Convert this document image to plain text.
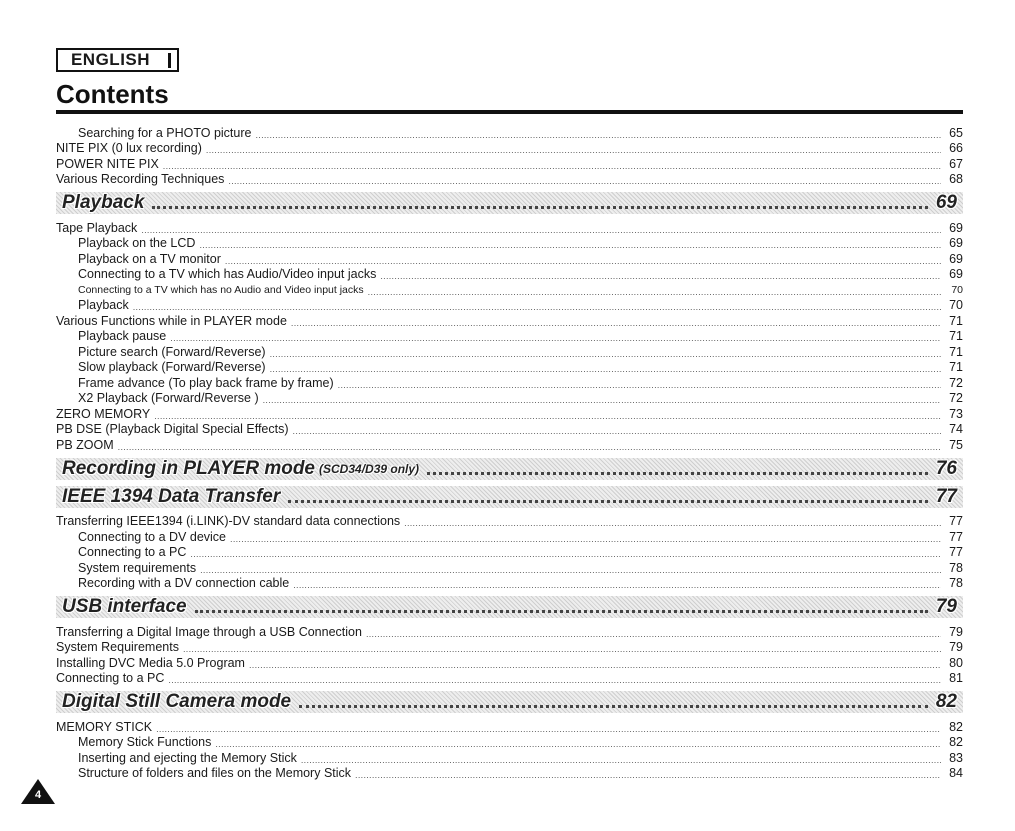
ENGLISH
Contents
Searching for a PHOTO picture .....	65
NITE PIX (0 lux recording) .....	66
POWER NITE PIX .....	67
Various Recording Techniques .....	68
Playback	69
Tape Playback .....	69
Playback on the LCD .....	69
Playback on a TV monitor .....	69
Connecting to a TV which has Audio/Video input jacks .....	69
Connecting to a TV which has no Audio and Video input jacks .....	70
Playback .....	70
Various Functions while in PLAYER mode .....	71
Playback pause .....	71
Picture search (Forward/Reverse) .....	71
Slow playback (Forward/Reverse) .....	71
Frame advance (To play back frame by frame) .....	72
X2 Playback (Forward/Reverse ) .....	72
ZERO MEMORY .....	73
PB DSE (Playback Digital Special Effects) .....	74
PB ZOOM .....	75
Recording in PLAYER mode (SCD34/D39 only)	76
IEEE 1394 Data Transfer	77
Transferring IEEE1394 (i.LINK)-DV standard data connections .....	77
Connecting to a DV device .....	77
Connecting to a PC .....	77
System requirements .....	78
Recording with a DV connection cable .....	78
USB interface	79
Transferring a Digital Image through a USB Connection .....	79
System Requirements .....	79
Installing DVC Media 5.0 Program .....	80
Connecting to a PC .....	81
Digital Still Camera mode	82
MEMORY STICK .....	82
Memory Stick Functions .....	82
Inserting and ejecting the Memory Stick .....	83
Structure of folders and files on the Memory Stick .....	84
4
